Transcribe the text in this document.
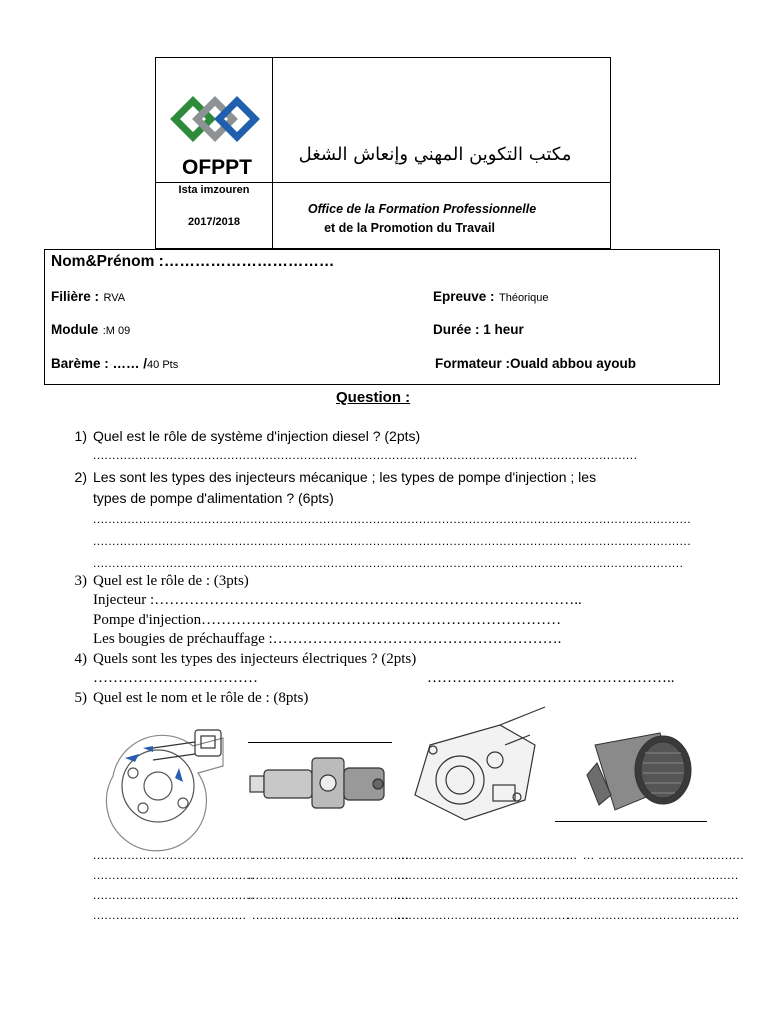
OFPPT
Ista imzouren
2017/2018
مكتب التكوين المهني وإنعاش الشغل
Office de la Formation Professionnelle
et de la Promotion du Travail
Nom&Prénom :……………………………
Filière : RVA	Epreuve : Théorique
Module :M 09	Durée : 1 heur
Barème : …… /40 Pts	Formateur :Ouald abbou ayoub
Question :
1) Quel est le rôle de système d'injection diesel ? (2pts)
..............................................................................................................................................
2) Les sont les types des injecteurs mécanique ; les types de pompe d'injection ; les
types de pompe d'alimentation ? (6pts)
............................................................................................................................................................
............................................................................................................................................................
..........................................................................................................................................................
3) Quel est le rôle de : (3pts)
Injecteur :…………………………………………………………………………..
Pompe d'injection………………………………………………………………
Les bougies de préchauffage :………………………………………………….
4) Quels sont les types des injecteurs électriques ? (2pts)
……………………………	…………………………………………..
5) Quel est le nom et le rôle de : (8pts)
..........................................
..........................................
..........................................
........................................
.........................................
..........................................
..........................................
.........................................
..............................................
..............................................
..............................................
.............................................
... ......................................
............................................
............................................
.............................................
